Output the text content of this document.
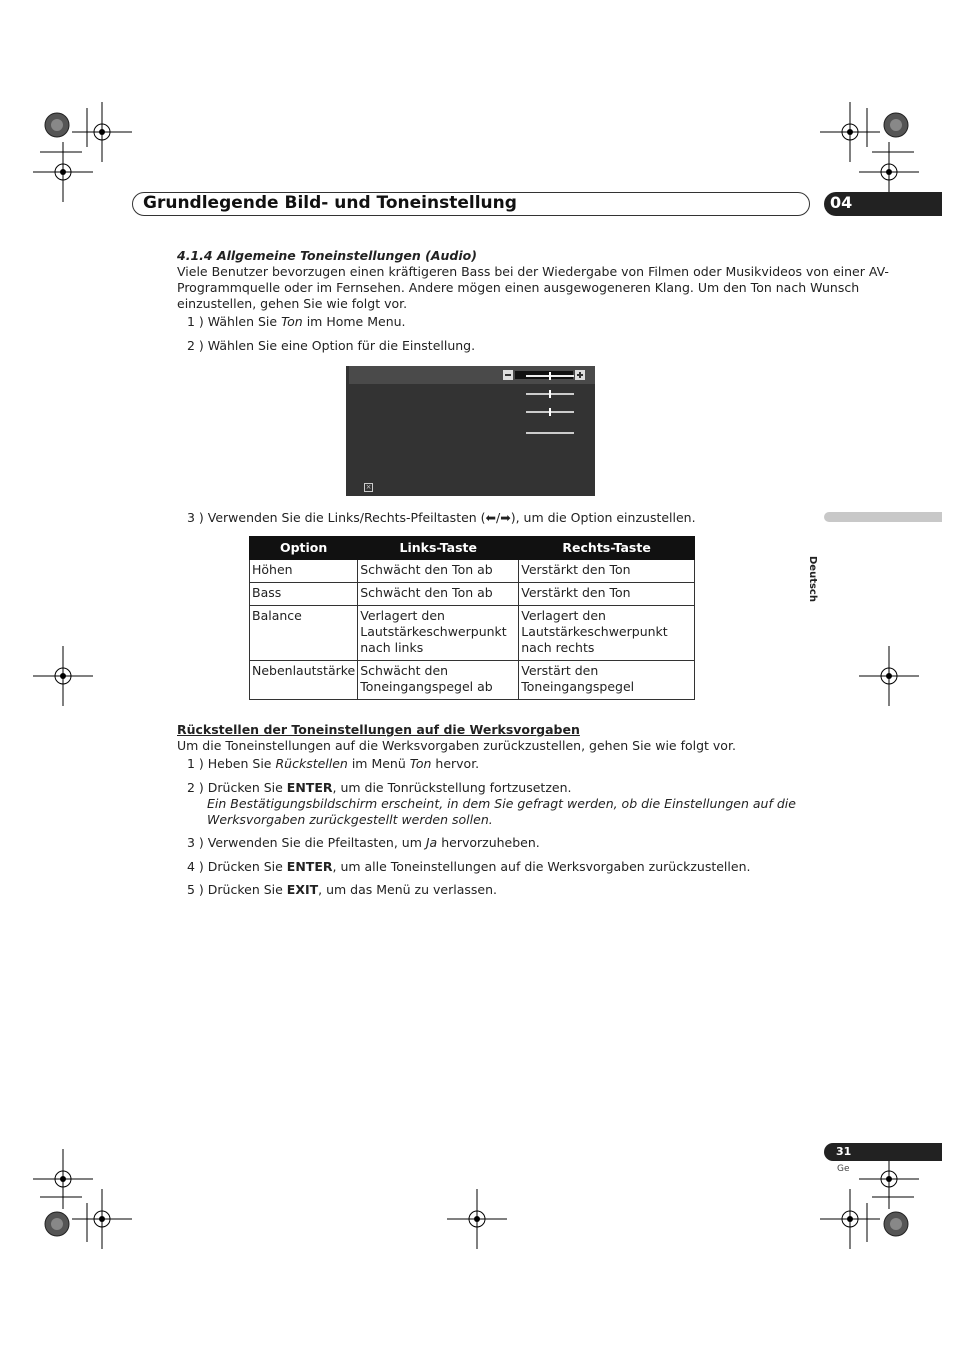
Grundlegende Bild- und Toneinstellung	04
Deutsch
4.1.4 Allgemeine Toneinstellungen (Audio)
Viele Benutzer bevorzugen einen kräftigeren Bass bei der Wiedergabe von Filmen oder Musikvideos von einer AV-
Programmquelle oder im Fernsehen. Andere mögen einen ausgewogeneren Klang. Um den Ton nach Wunsch
einzustellen, gehen Sie wie folgt vor.
1 ) Wählen Sie Ton im Home Menu.
2 ) Wählen Sie eine Option für die Einstellung.
×
3 ) Verwenden Sie die Links/Rechts-Pfeiltasten (⬅/➡), um die Option einzustellen.
Option	Links-Taste	Rechts-Taste
Höhen	Schwächt den Ton ab	Verstärkt den Ton
Bass	Schwächt den Ton ab	Verstärkt den Ton
Balance	Verlagert den Lautstärkeschwerpunkt nach links	Verlagert den Lautstärkeschwerpunkt nach rechts
Nebenlautstärke	Schwächt den Toneingangspegel ab	Verstärt den Toneingangspegel
Rückstellen der Toneinstellungen auf die Werksvorgaben
Um die Toneinstellungen auf die Werksvorgaben zurückzustellen, gehen Sie wie folgt vor.
1 ) Heben Sie Rückstellen im Menü Ton hervor.
2 ) Drücken Sie ENTER, um die Tonrückstellung fortzusetzen.
Ein Bestätigungsbildschirm erscheint, in dem Sie gefragt werden, ob die Einstellungen auf die
Werksvorgaben zurückgestellt werden sollen.
3 ) Verwenden Sie die Pfeiltasten, um Ja hervorzuheben.
4 ) Drücken Sie ENTER, um alle Toneinstellungen auf die Werksvorgaben zurückzustellen.
5 ) Drücken Sie EXIT, um das Menü zu verlassen.
31
Ge
